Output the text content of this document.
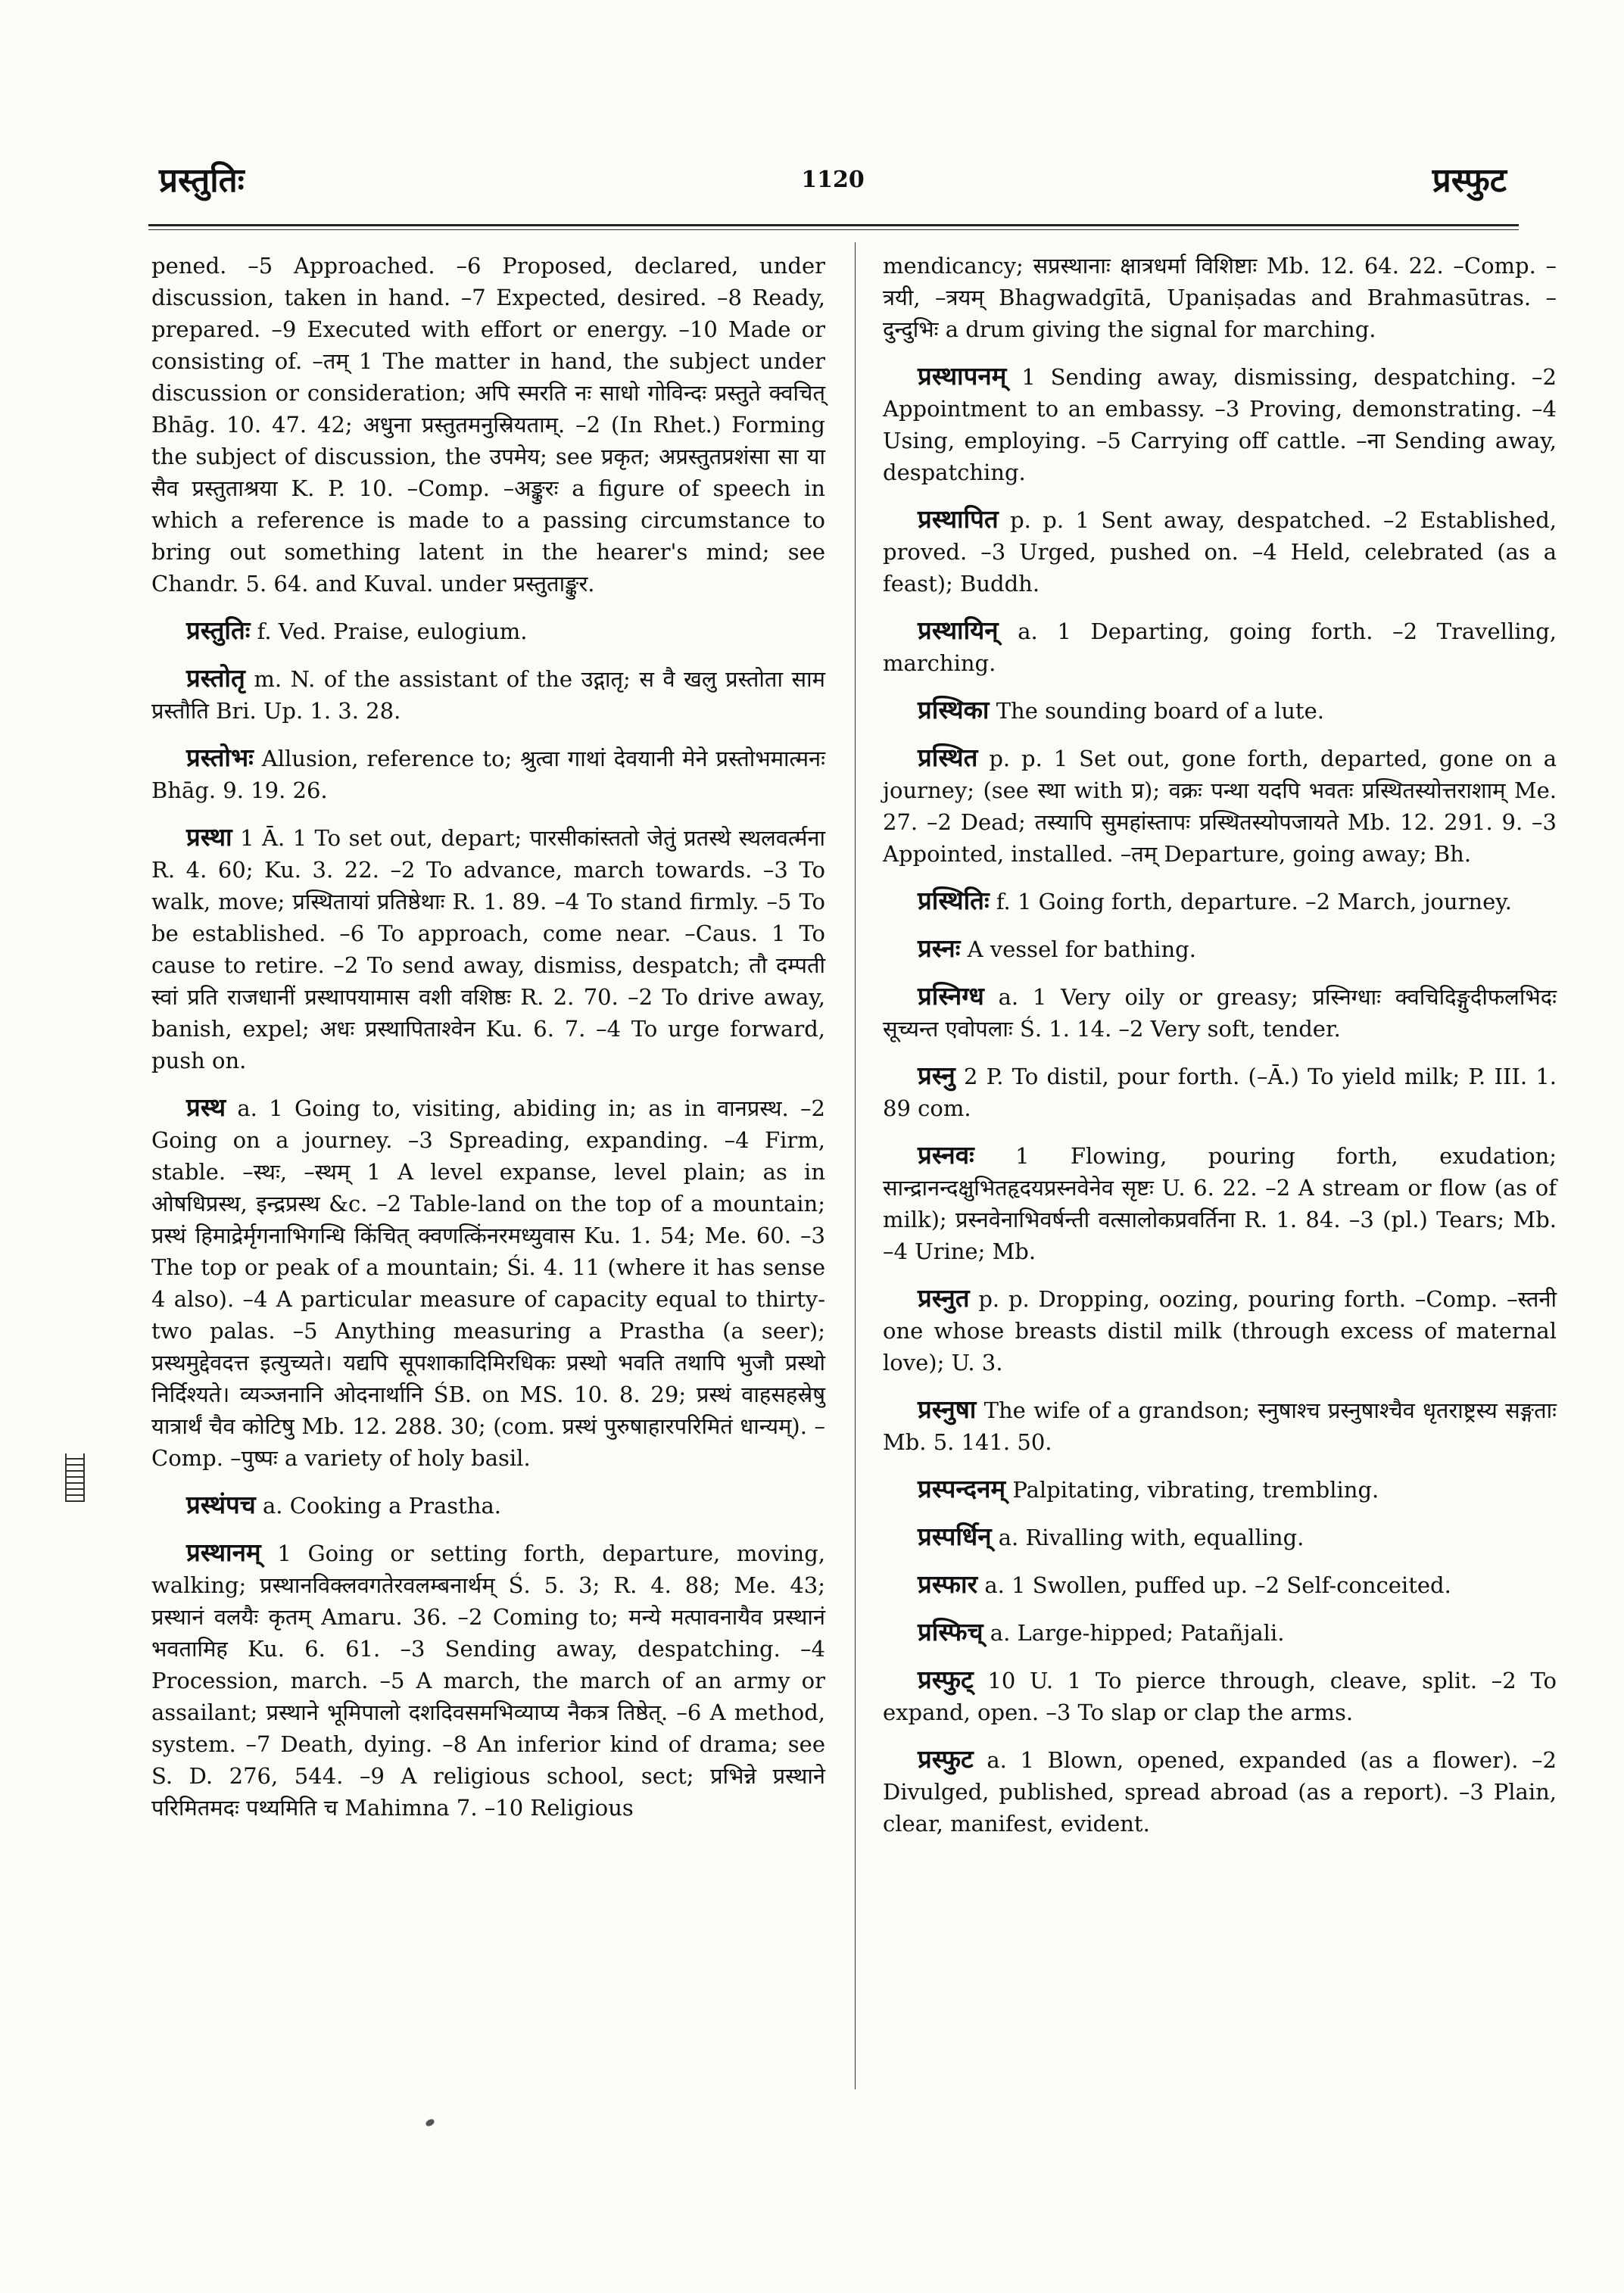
प्रस्तुतिः	1120	प्रस्फुट

pened. –5 Approached. –6 Proposed, declared, under discussion, taken in hand. –7 Expected, desired. –8 Ready, prepared. –9 Executed with effort or energy. –10 Made or consisting of. –तम् 1 The matter in hand, the subject under discussion or consideration; अपि स्मरति नः साधो गोविन्दः प्रस्तुते क्वचित् Bhāg. 10. 47. 42; अधुना प्रस्तुतमनुस्रियताम्. –2 (In Rhet.) Forming the subject of discussion, the उपमेय; see प्रकृत; अप्रस्तुतप्रशंसा सा या सैव प्रस्तुताश्रया K. P. 10. –Comp. –अङ्कुरः a figure of speech in which a reference is made to a passing circumstance to bring out something latent in the hearer's mind; see Chandr. 5. 64. and Kuval. under प्रस्तुताङ्कुर.

प्रस्तुतिः f. Ved. Praise, eulogium.

प्रस्तोतृ m. N. of the assistant of the उद्गातृ; स वै खलु प्रस्तोता साम प्रस्तौति Bri. Up. 1. 3. 28.

प्रस्तोभः Allusion, reference to; श्रुत्वा गाथां देवयानी मेने प्रस्तोभमात्मनः Bhāg. 9. 19. 26.

प्रस्था 1 Ā. 1 To set out, depart; पारसीकांस्ततो जेतुं प्रतस्थे स्थलवर्त्मना R. 4. 60; Ku. 3. 22. –2 To advance, march towards. –3 To walk, move; प्रस्थितायां प्रतिष्ठेथाः R. 1. 89. –4 To stand firmly. –5 To be established. –6 To approach, come near. –Caus. 1 To cause to retire. –2 To send away, dismiss, despatch; तौ दम्पती स्वां प्रति राजधानीं प्रस्थापयामास वशी वशिष्ठः R. 2. 70. –2 To drive away, banish, expel; अधः प्रस्थापिताश्वेन Ku. 6. 7. –4 To urge forward, push on.

प्रस्थ a. 1 Going to, visiting, abiding in; as in वानप्रस्थ. –2 Going on a journey. –3 Spreading, expanding. –4 Firm, stable. –स्थः, –स्थम् 1 A level expanse, level plain; as in ओषधिप्रस्थ, इन्द्रप्रस्थ &c. –2 Table-land on the top of a mountain; प्रस्थं हिमाद्रेर्मृगनाभिगन्धि किंचित् क्वणत्किंनरमध्युवास Ku. 1. 54; Me. 60. –3 The top or peak of a mountain; Śi. 4. 11 (where it has sense 4 also). –4 A particular measure of capacity equal to thirty-two palas. –5 Anything measuring a Prastha (a seer); प्रस्थमुद्देवदत्त इत्युच्यते। यद्यपि सूपशाकादिमिरधिकः प्रस्थो भवति तथापि भुजौ प्रस्थो निर्दिश्यते। व्यञ्जनानि ओदनार्थानि ŚB. on MS. 10. 8. 29; प्रस्थं वाहसहस्रेषु यात्रार्थं चैव कोटिषु Mb. 12. 288. 30; (com. प्रस्थं पुरुषाहारपरिमितं धान्यम्). –Comp. –पुष्पः a variety of holy basil.

प्रस्थंपच a. Cooking a Prastha.

प्रस्थानम् 1 Going or setting forth, departure, moving, walking; प्रस्थानविक्लवगतेरवलम्बनार्थम् Ś. 5. 3; R. 4. 88; Me. 43; प्रस्थानं वलयैः कृतम् Amaru. 36. –2 Coming to; मन्ये मत्पावनायैव प्रस्थानं भवतामिह Ku. 6. 61. –3 Sending away, despatching. –4 Procession, march. –5 A march, the march of an army or assailant; प्रस्थाने भूमिपालो दशदिवसमभिव्याप्य नैकत्र तिष्ठेत्. –6 A method, system. –7 Death, dying. –8 An inferior kind of drama; see S. D. 276, 544. –9 A religious school, sect; प्रभिन्ने प्रस्थाने परिमितमदः पथ्यमिति च Mahimna 7. –10 Religious

mendicancy; सप्रस्थानाः क्षात्रधर्मा विशिष्टाः Mb. 12. 64. 22. –Comp. –त्रयी, –त्रयम् Bhagwadgītā, Upaniṣadas and Brahmasūtras. –दुन्दुभिः a drum giving the signal for marching.

प्रस्थापनम् 1 Sending away, dismissing, despatching. –2 Appointment to an embassy. –3 Proving, demonstrating. –4 Using, employing. –5 Carrying off cattle. –ना Sending away, despatching.

प्रस्थापित p. p. 1 Sent away, despatched. –2 Established, proved. –3 Urged, pushed on. –4 Held, celebrated (as a feast); Buddh.

प्रस्थायिन् a. 1 Departing, going forth. –2 Travelling, marching.

प्रस्थिका The sounding board of a lute.

प्रस्थित p. p. 1 Set out, gone forth, departed, gone on a journey; (see स्था with प्र); वक्रः पन्था यदपि भवतः प्रस्थितस्योत्तराशाम् Me. 27. –2 Dead; तस्यापि सुमहांस्तापः प्रस्थितस्योपजायते Mb. 12. 291. 9. –3 Appointed, installed. –तम् Departure, going away; Bh.

प्रस्थितिः f. 1 Going forth, departure. –2 March, journey.

प्रस्नः A vessel for bathing.

प्रस्निग्ध a. 1 Very oily or greasy; प्रस्निग्धाः क्वचिदिङ्गुदीफलभिदः सूच्यन्त एवोपलाः Ś. 1. 14. –2 Very soft, tender.

प्रस्नु 2 P. To distil, pour forth. (–Ā.) To yield milk; P. III. 1. 89 com.

प्रस्नवः 1 Flowing, pouring forth, exudation; सान्द्रानन्दक्षुभितहृदयप्रस्नवेनेव सृष्टः U. 6. 22. –2 A stream or flow (as of milk); प्रस्नवेनाभिवर्षन्ती वत्सालोकप्रवर्तिना R. 1. 84. –3 (pl.) Tears; Mb. –4 Urine; Mb.

प्रस्नुत p. p. Dropping, oozing, pouring forth. –Comp. –स्तनी one whose breasts distil milk (through excess of maternal love); U. 3.

प्रस्नुषा The wife of a grandson; स्नुषाश्च प्रस्नुषाश्चैव धृतराष्ट्रस्य सङ्गताः Mb. 5. 141. 50.

प्रस्पन्दनम् Palpitating, vibrating, trembling.

प्रस्पर्धिन् a. Rivalling with, equalling.

प्रस्फार a. 1 Swollen, puffed up. –2 Self-conceited.

प्रस्फिच् a. Large-hipped; Patañjali.

प्रस्फुट् 10 U. 1 To pierce through, cleave, split. –2 To expand, open. –3 To slap or clap the arms.

प्रस्फुट a. 1 Blown, opened, expanded (as a flower). –2 Divulged, published, spread abroad (as a report). –3 Plain, clear, manifest, evident.
